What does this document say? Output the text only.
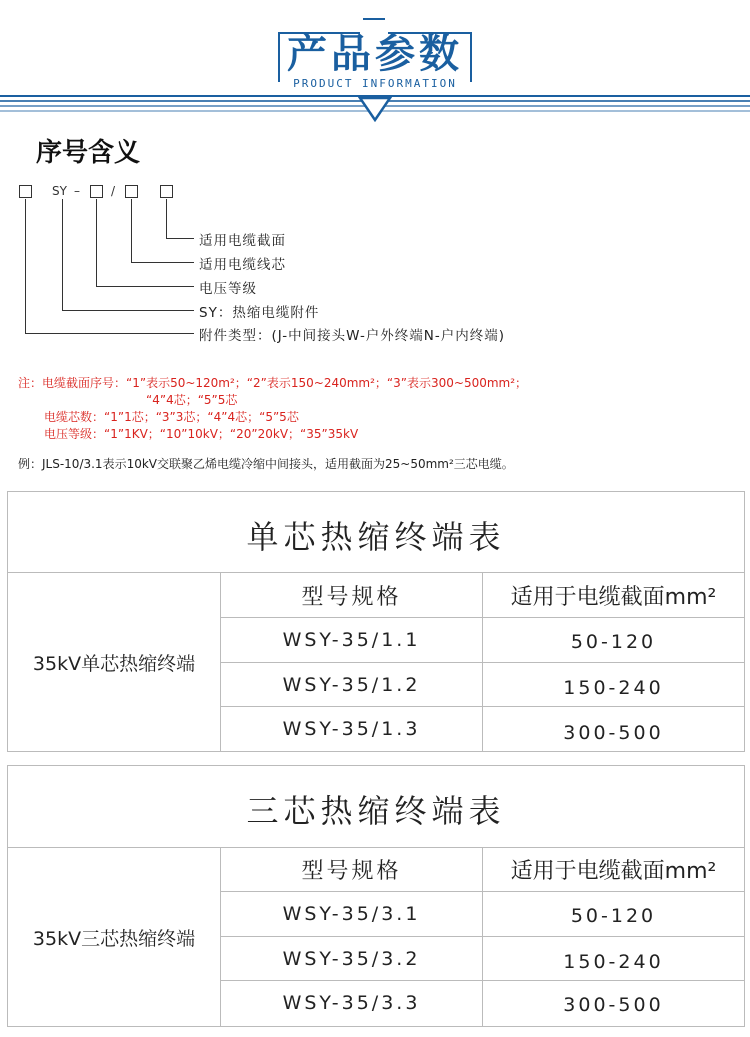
产品参数
PRODUCT INFORMATION
序号含义
SY –	/
适用电缆截面
适用电缆线芯
电压等级
SY：热缩电缆附件
附件类型：(J-中间接头W-户外终端N-户内终端)
注：电缆截面序号：“1”表示50~120m²；“2”表示150~240mm²；“3”表示300~500mm²；
“4”4芯；“5”5芯
电缆芯数：“1”1芯；“3”3芯；“4”4芯；“5”5芯
电压等级：“1”1KV；“10”10kV；“20”20kV；“35”35kV
例：JLS-10/3.1表示10kV交联聚乙烯电缆冷缩中间接头，适用截面为25~50mm²三芯电缆。
单芯热缩终端表
35kV单芯热缩终端
型号规格	适用于电缆截面mm²
WSY-35/1.1	50-120
WSY-35/1.2	150-240
WSY-35/1.3	300-500
三芯热缩终端表
35kV三芯热缩终端
型号规格	适用于电缆截面mm²
WSY-35/3.1	50-120
WSY-35/3.2	150-240
WSY-35/3.3	300-500
